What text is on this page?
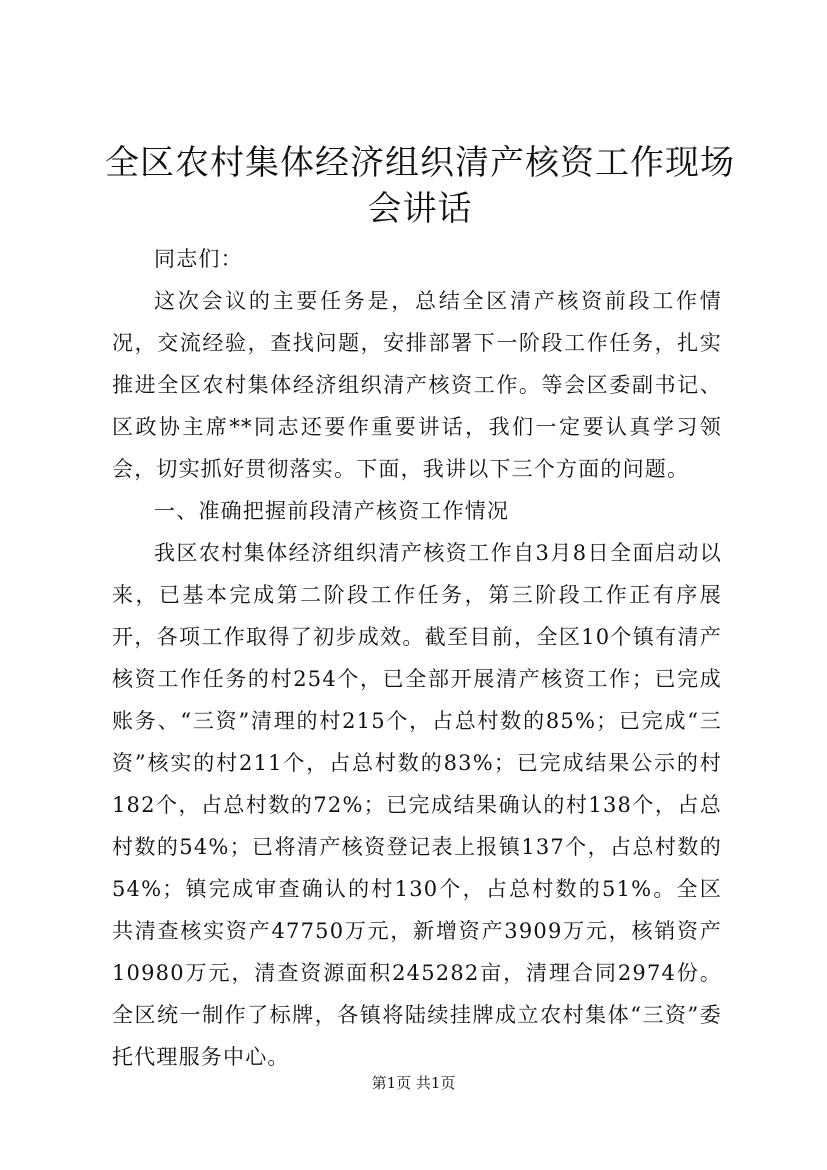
全区农村集体经济组织清产核资工作现场会讲话

同志们：

这次会议的主要任务是，总结全区清产核资前段工作情况，交流经验，查找问题，安排部署下一阶段工作任务，扎实推进全区农村集体经济组织清产核资工作。等会区委副书记、区政协主席**同志还要作重要讲话，我们一定要认真学习领会，切实抓好贯彻落实。下面，我讲以下三个方面的问题。

一、准确把握前段清产核资工作情况

我区农村集体经济组织清产核资工作自3月8日全面启动以来，已基本完成第二阶段工作任务，第三阶段工作正有序展开，各项工作取得了初步成效。截至目前，全区10个镇有清产核资工作任务的村254个，已全部开展清产核资工作；已完成账务、“三资”清理的村215个，占总村数的85%；已完成“三资”核实的村211个，占总村数的83%；已完成结果公示的村182个，占总村数的72%；已完成结果确认的村138个，占总村数的54%；已将清产核资登记表上报镇137个，占总村数的54%；镇完成审查确认的村130个，占总村数的51%。全区共清查核实资产47750万元，新增资产3909万元，核销资产10980万元，清查资源面积245282亩，清理合同2974份。全区统一制作了标牌，各镇将陆续挂牌成立农村集体“三资”委托代理服务中心。

第1页 共1页
